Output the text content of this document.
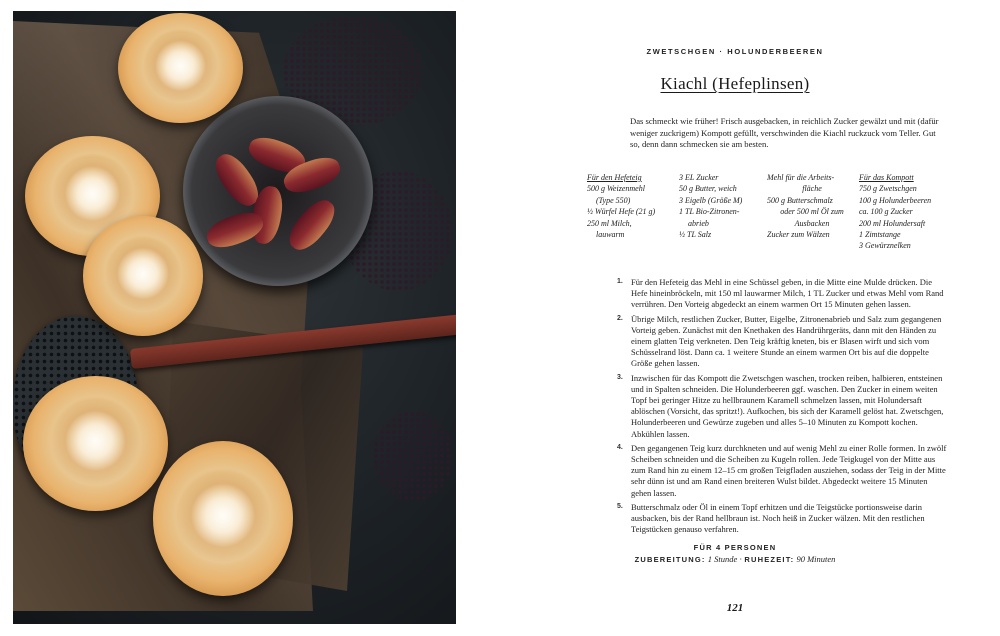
ZWETSCHGEN · HOLUNDERBEEREN
Kiachl (Hefeplinsen)
Das schmeckt wie früher! Frisch ausgebacken, in reichlich Zucker gewälzt und mit (dafür weniger zuckrigem) Kompott gefüllt, verschwinden die Kiachl ruckzuck vom Teller. Gut so, denn dann schmecken sie am besten.
Für den Hefeteig
500 g Weizenmehl
(Type 550)
½ Würfel Hefe (21 g)
250 ml Milch,
lauwarm
3 EL Zucker
50 g Butter, weich
3 Eigelb (Größe M)
1 TL Bio-Zitronen-
abrieb
½ TL Salz
Mehl für die Arbeits-
fläche
500 g Butterschmalz
oder 500 ml Öl zum
Ausbacken
Zucker zum Wälzen
Für das Kompott
750 g Zwetschgen
100 g Holunderbeeren
ca. 100 g Zucker
200 ml Holundersaft
1 Zimtstange
3 Gewürznelken
1. Für den Hefeteig das Mehl in eine Schüssel geben, in die Mitte eine Mulde drücken. Die Hefe hineinbröckeln, mit 150 ml lauwarmer Milch, 1 TL Zucker und etwas Mehl vom Rand verrühren. Den Vorteig abgedeckt an einem warmen Ort 15 Minuten gehen lassen.
2. Übrige Milch, restlichen Zucker, Butter, Eigelbe, Zitronenabrieb und Salz zum gegangenen Vorteig geben. Zunächst mit den Knethaken des Handrührgeräts, dann mit den Händen zu einem glatten Teig verkneten. Den Teig kräftig kneten, bis er Blasen wirft und sich vom Schüsselrand löst. Dann ca. 1 weitere Stunde an einem warmen Ort bis auf die doppelte Größe gehen lassen.
3. Inzwischen für das Kompott die Zwetschgen waschen, trocken reiben, halbieren, entsteinen und in Spalten schneiden. Die Holunderbeeren ggf. waschen. Den Zucker in einem weiten Topf bei geringer Hitze zu hellbraunem Karamell schmelzen lassen, mit Holundersaft ablöschen (Vorsicht, das spritzt!). Aufkochen, bis sich der Karamell gelöst hat. Zwetschgen, Holunderbeeren und Gewürze zugeben und alles 5–10 Minuten zu Kompott kochen. Abkühlen lassen.
4. Den gegangenen Teig kurz durchkneten und auf wenig Mehl zu einer Rolle formen. In zwölf Scheiben schneiden und die Scheiben zu Kugeln rollen. Jede Teigkugel von der Mitte aus zum Rand hin zu einem 12–15 cm großen Teigfladen ausziehen, sodass der Teig in der Mitte sehr dünn ist und am Rand einen breiteren Wulst bildet. Abgedeckt weitere 15 Minuten gehen lassen.
5. Butterschmalz oder Öl in einem Topf erhitzen und die Teigstücke portionsweise darin ausbacken, bis der Rand hellbraun ist. Noch heiß in Zucker wälzen. Mit den restlichen Teigstücken genauso verfahren.
FÜR 4 PERSONEN
ZUBEREITUNG: 1 Stunde · RUHEZEIT: 90 Minuten
121
